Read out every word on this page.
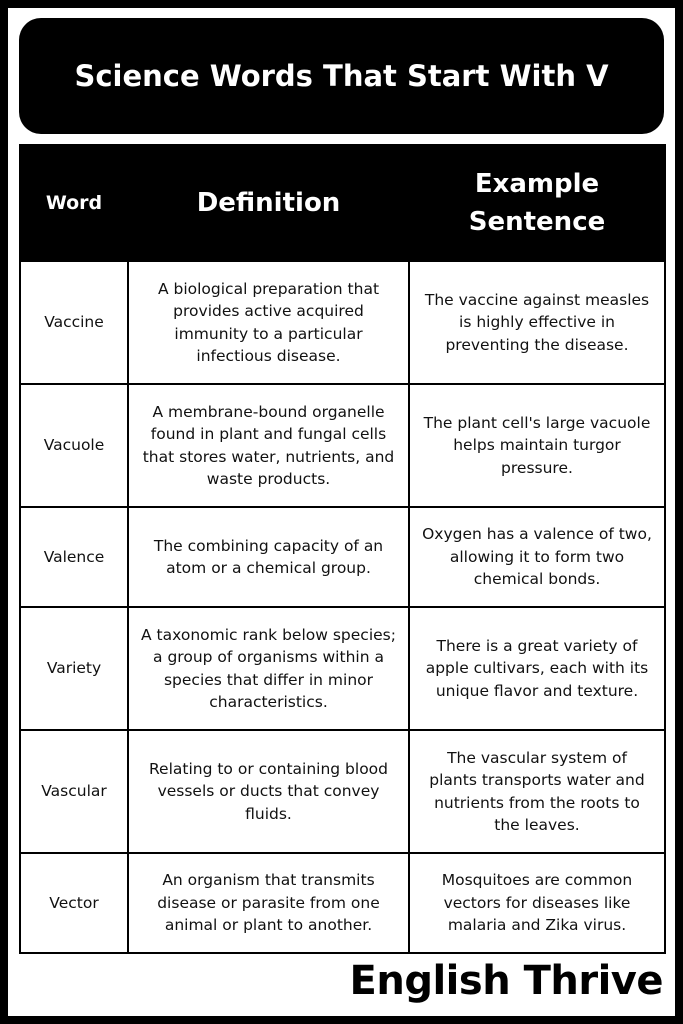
Science Words That Start With V
Word	Definition	Example Sentence
Vaccine	A biological preparation that provides active acquired immunity to a particular infectious disease.	The vaccine against measles is highly effective in preventing the disease.
Vacuole	A membrane-bound organelle found in plant and fungal cells that stores water, nutrients, and waste products.	The plant cell's large vacuole helps maintain turgor pressure.
Valence	The combining capacity of an atom or a chemical group.	Oxygen has a valence of two, allowing it to form two chemical bonds.
Variety	A taxonomic rank below species; a group of organisms within a species that differ in minor characteristics.	There is a great variety of apple cultivars, each with its unique flavor and texture.
Vascular	Relating to or containing blood vessels or ducts that convey fluids.	The vascular system of plants transports water and nutrients from the roots to the leaves.
Vector	An organism that transmits disease or parasite from one animal or plant to another.	Mosquitoes are common vectors for diseases like malaria and Zika virus.
English Thrive
